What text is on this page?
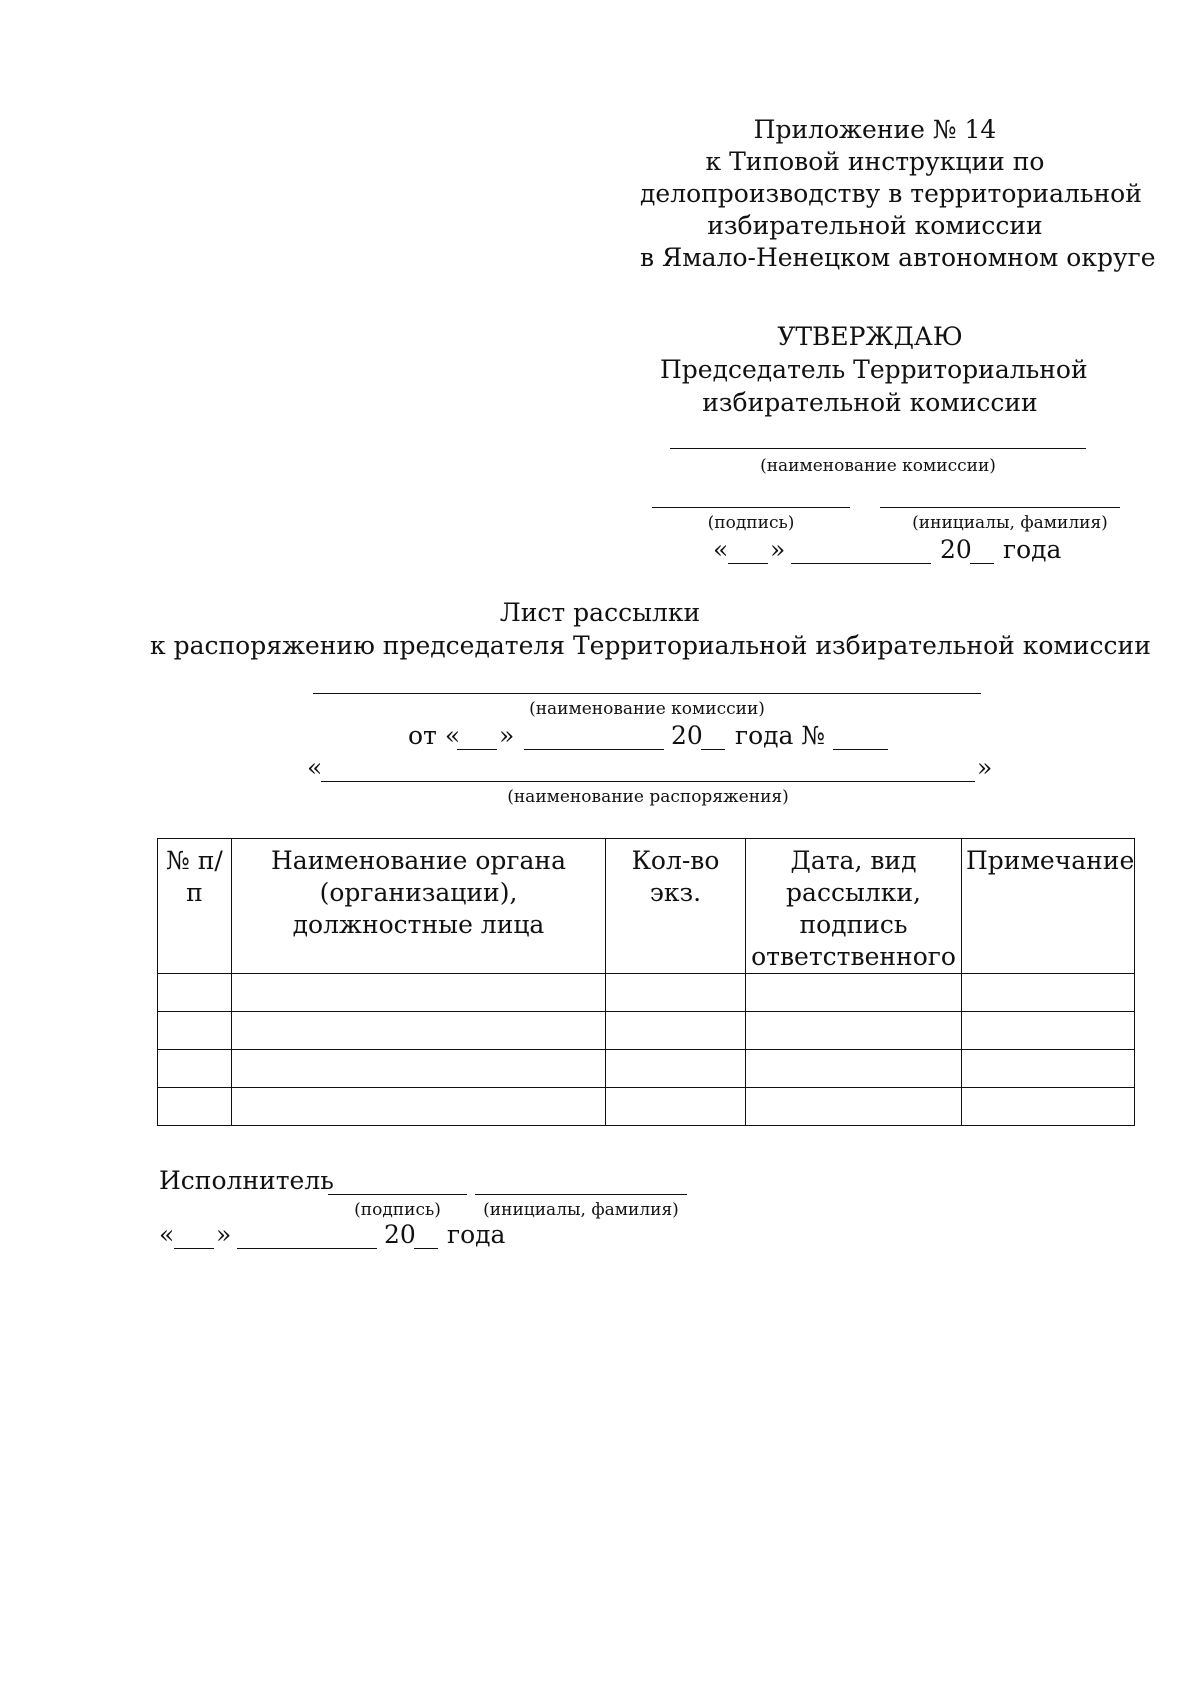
Приложение № 14
к Типовой инструкции по
делопроизводству в территориальной
избирательной комиссии
в Ямало-Ненецком автономном округе
УТВЕРЖДАЮ
Председатель Территориальной
избирательной комиссии
(наименование комиссии)
(подпись)	(инициалы, фамилия)
« »	20 года
Лист рассылки
к распоряжению председателя Территориальной избирательной комиссии
(наименование комиссии)
от « »	20 года №
«	»
(наименование распоряжения)
№ п/п	Наименование органа (организации), должностные лица	Кол-во экз.	Дата, вид рассылки, подпись ответственного	Примечание

Исполнитель
(подпись)	(инициалы, фамилия)
« »	20 года
